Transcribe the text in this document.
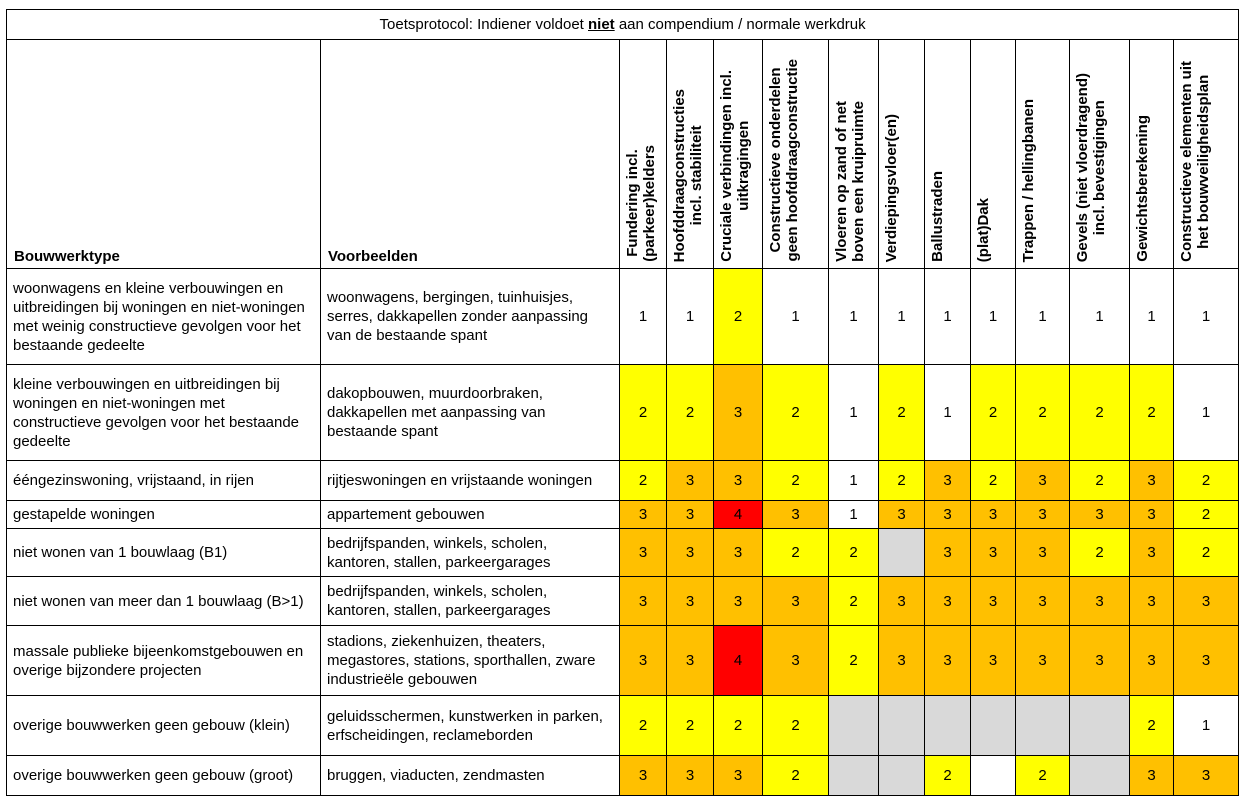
Toetsprotocol: Indiener voldoet niet aan compendium / normale werkdruk													

Bouwwerktype	Voorbeelden	Fundering incl. (parkeer)kelders	Hoofddraagconstructies incl. stabiliteit	Cruciale verbindingen incl. uitkragingen	Constructieve onderdelen geen hoofddraagconstructie	Vloeren op zand of net boven een kruipruimte	Verdiepingsvloer(en)	Ballustraden	(plat)Dak	Trappen / hellingbanen	Gevels (niet vloerdragend) incl. bevestigingen	Gewichtsberekening	Constructieve elementen uit het bouwveiligheidsplan

woonwagens en kleine verbouwingen en uitbreidingen bij woningen en niet-woningen met weinig constructieve gevolgen voor het bestaande gedeelte	woonwagens, bergingen, tuinhuisjes, serres, dakkapellen zonder aanpassing van de bestaande spant	1	1	2	1	1	1	1	1	1	1	1	1
kleine verbouwingen en uitbreidingen bij woningen en niet-woningen met constructieve gevolgen voor het bestaande gedeelte	dakopbouwen, muurdoorbraken, dakkapellen met aanpassing van bestaande spant	2	2	3	2	1	2	1	2	2	2	2	1
ééngezinswoning, vrijstaand, in rijen	rijtjeswoningen en vrijstaande woningen	2	3	3	2	1	2	3	2	3	2	3	2
gestapelde woningen	appartement gebouwen	3	3	4	3	1	3	3	3	3	3	3	2
niet wonen van 1 bouwlaag (B1)	bedrijfspanden, winkels, scholen, kantoren, stallen, parkeergarages	3	3	3	2	2		3	3	3	2	3	2
niet wonen van meer dan 1 bouwlaag (B>1)	bedrijfspanden, winkels, scholen, kantoren, stallen, parkeergarages	3	3	3	3	2	3	3	3	3	3	3	3
massale publieke bijeenkomstgebouwen en overige bijzondere projecten	stadions, ziekenhuizen, theaters, megastores, stations, sporthallen, zware industrieële gebouwen	3	3	4	3	2	3	3	3	3	3	3	3
overige bouwwerken geen gebouw (klein)	geluidsschermen, kunstwerken in parken, erfscheidingen, reclameborden	2	2	2	2							2	1
overige bouwwerken geen gebouw (groot)	bruggen, viaducten, zendmasten	3	3	3	2			2		2		3	3
